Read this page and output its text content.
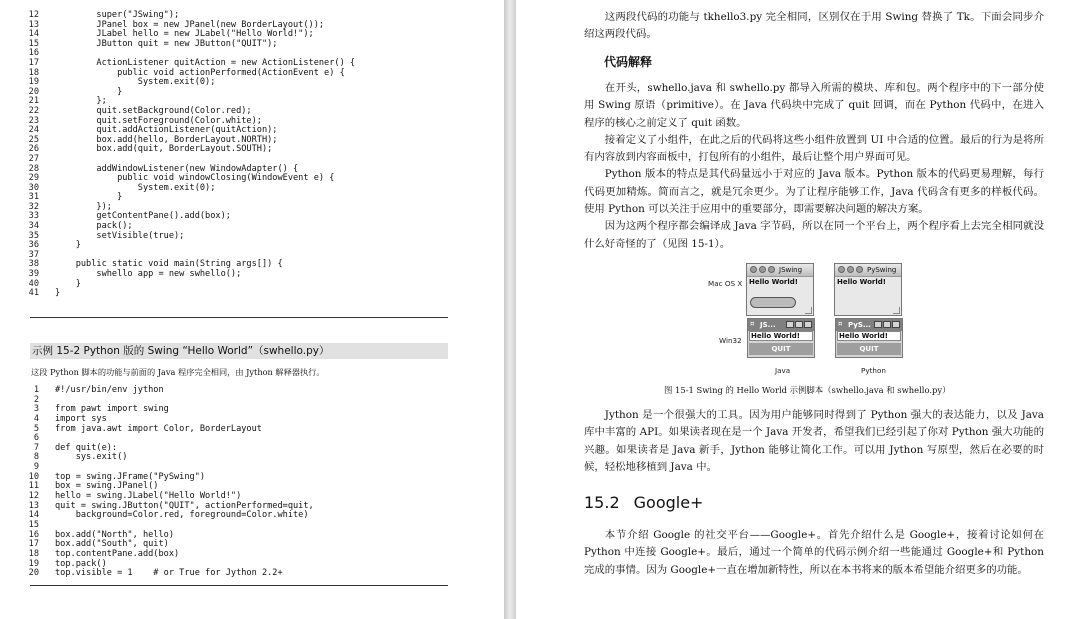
12 super("JSwing");
13 JPanel box = new JPanel(new BorderLayout());
14 JLabel hello = new JLabel("Hello World!");
15 JButton quit = new JButton("QUIT");
16
17 ActionListener quitAction = new ActionListener() {
18 public void actionPerformed(ActionEvent e) {
19 System.exit(0);
20 }
21 };
22 quit.setBackground(Color.red);
23 quit.setForeground(Color.white);
24 quit.addActionListener(quitAction);
25 box.add(hello, BorderLayout.NORTH);
26 box.add(quit, BorderLayout.SOUTH);
27
28 addWindowListener(new WindowAdapter() {
29 public void windowClosing(WindowEvent e) {
30 System.exit(0);
31 }
32 });
33 getContentPane().add(box);
34 pack();
35 setVisible(true);
36 }
37
38 public static void main(String args[]) {
39 swhello app = new swhello();
40 }
41 }
示例 15-2 Python 版的 Swing “Hello World”（swhello.py）
这段 Python 脚本的功能与前面的 Java 程序完全相同，由 Jython 解释器执行。
1 #!/usr/bin/env jython
2
3 from pawt import swing
4 import sys
5 from java.awt import Color, BorderLayout
6
7 def quit(e):
8 sys.exit()
9
10 top = swing.JFrame("PySwing")
11 box = swing.JPanel()
12 hello = swing.JLabel("Hello World!")
13 quit = swing.JButton("QUIT", actionPerformed=quit,
14 background=Color.red, foreground=Color.white)
15
16 box.add("North", hello)
17 box.add("South", quit)
18 top.contentPane.add(box)
19 top.pack()
20 top.visible = 1    # or True for Jython 2.2+

这两段代码的功能与 tkhello3.py 完全相同，区别仅在于用 Swing 替换了 Tk。下面会同步介绍这两段代码。

代码解释

在开头，swhello.java 和 swhello.py 都导入所需的模块、库和包。两个程序中的下一部分使用 Swing 原语（primitive）。在 Java 代码块中完成了 quit 回调，而在 Python 代码中，在进入程序的核心之前定义了 quit 函数。

接着定义了小组件，在此之后的代码将这些小组件放置到 UI 中合适的位置。最后的行为是将所有内容放到内容面板中，打包所有的小组件，最后让整个用户界面可见。

Python 版本的特点是其代码量远小于对应的 Java 版本。Python 版本的代码更易理解，每行代码更加精炼。简而言之，就是冗余更少。为了让程序能够工作，Java 代码含有更多的样板代码。使用 Python 可以关注于应用中的重要部分，即需要解决问题的解决方案。

因为这两个程序都会编译成 Java 字节码，所以在同一个平台上，两个程序看上去完全相同就没什么好奇怪的了（见图 15-1）。

Mac OS X
Win32
JSwing
Hello World!
PySwing
Hello World!
¤ JS...
Hello World!
QUIT
¤ PyS...
Hello World!
QUIT
Java	Python
图 15-1 Swing 的 Hello World 示例脚本（swhello.java 和 swhello.py）

Jython 是一个很强大的工具。因为用户能够同时得到了 Python 强大的表达能力，以及 Java 库中丰富的 API。如果读者现在是一个 Java 开发者，希望我们已经引起了你对 Python 强大功能的兴趣。如果读者是 Java 新手，Jython 能够让简化工作。可以用 Jython 写原型，然后在必要的时候，轻松地移植到 Java 中。

15.2 Google+

本节介绍 Google 的社交平台——Google+。首先介绍什么是 Google+，接着讨论如何在 Python 中连接 Google+。最后，通过一个简单的代码示例介绍一些能通过 Google+和 Python 完成的事情。因为 Google+一直在增加新特性，所以在本书将来的版本希望能介绍更多的功能。
